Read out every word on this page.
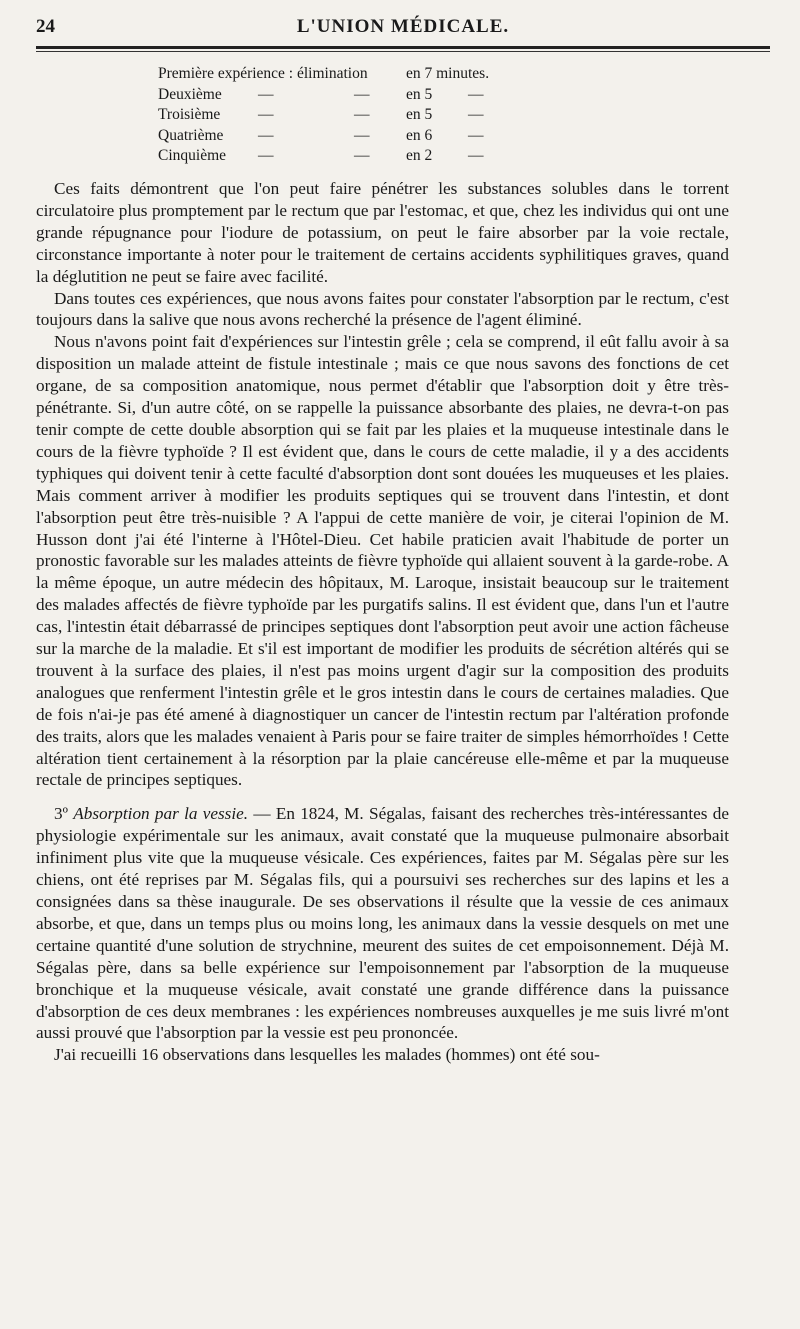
24	L'UNION MÉDICALE.
Première expérience : élimination en 7 minutes.
Deuxième —	— en 5 —
Troisième —	— en 5 —
Quatrième —	— en 6 —
Cinquième —	— en 2 —

Ces faits démontrent que l'on peut faire pénétrer les substances solubles dans le torrent circulatoire plus promptement par le rectum que par l'estomac, et que, chez les individus qui ont une grande répugnance pour l'iodure de potassium, on peut le faire absorber par la voie rectale, circonstance importante à noter pour le traitement de certains accidents syphilitiques graves, quand la déglutition ne peut se faire avec facilité.

Dans toutes ces expériences, que nous avons faites pour constater l'absorption par le rectum, c'est toujours dans la salive que nous avons recherché la présence de l'agent éliminé.

Nous n'avons point fait d'expériences sur l'intestin grêle ; cela se comprend, il eût fallu avoir à sa disposition un malade atteint de fistule intestinale ; mais ce que nous savons des fonctions de cet organe, de sa composition anatomique, nous permet d'établir que l'absorption doit y être très-pénétrante. Si, d'un autre côté, on se rappelle la puissance absorbante des plaies, ne devra-t-on pas tenir compte de cette double absorption qui se fait par les plaies et la muqueuse intestinale dans le cours de la fièvre typhoïde ? Il est évident que, dans le cours de cette maladie, il y a des accidents typhiques qui doivent tenir à cette faculté d'absorption dont sont douées les muqueuses et les plaies. Mais comment arriver à modifier les produits septiques qui se trouvent dans l'intestin, et dont l'absorption peut être très-nuisible ? A l'appui de cette manière de voir, je citerai l'opinion de M. Husson dont j'ai été l'interne à l'Hôtel-Dieu. Cet habile praticien avait l'habitude de porter un pronostic favorable sur les malades atteints de fièvre typhoïde qui allaient souvent à la garde-robe. A la même époque, un autre médecin des hôpitaux, M. Laroque, insistait beaucoup sur le traitement des malades affectés de fièvre typhoïde par les purgatifs salins. Il est évident que, dans l'un et l'autre cas, l'intestin était débarrassé de principes septiques dont l'absorption peut avoir une action fâcheuse sur la marche de la maladie. Et s'il est important de modifier les produits de sécrétion altérés qui se trouvent à la surface des plaies, il n'est pas moins urgent d'agir sur la composition des produits analogues que renferment l'intestin grêle et le gros intestin dans le cours de certaines maladies. Que de fois n'ai-je pas été amené à diagnostiquer un cancer de l'intestin rectum par l'altération profonde des traits, alors que les malades venaient à Paris pour se faire traiter de simples hémorrhoïdes ! Cette altération tient certainement à la résorption par la plaie cancéreuse elle-même et par la muqueuse rectale de principes septiques.

3º Absorption par la vessie. — En 1824, M. Ségalas, faisant des recherches très-intéressantes de physiologie expérimentale sur les animaux, avait constaté que la muqueuse pulmonaire absorbait infiniment plus vite que la muqueuse vésicale. Ces expériences, faites par M. Ségalas père sur les chiens, ont été reprises par M. Ségalas fils, qui a poursuivi ses recherches sur des lapins et les a consignées dans sa thèse inaugurale. De ses observations il résulte que la vessie de ces animaux absorbe, et que, dans un temps plus ou moins long, les animaux dans la vessie desquels on met une certaine quantité d'une solution de strychnine, meurent des suites de cet empoisonnement. Déjà M. Ségalas père, dans sa belle expérience sur l'empoisonnement par l'absorption de la muqueuse bronchique et la muqueuse vésicale, avait constaté une grande différence dans la puissance d'absorption de ces deux membranes : les expériences nombreuses auxquelles je me suis livré m'ont aussi prouvé que l'absorption par la vessie est peu prononcée.

J'ai recueilli 16 observations dans lesquelles les malades (hommes) ont été sou-
